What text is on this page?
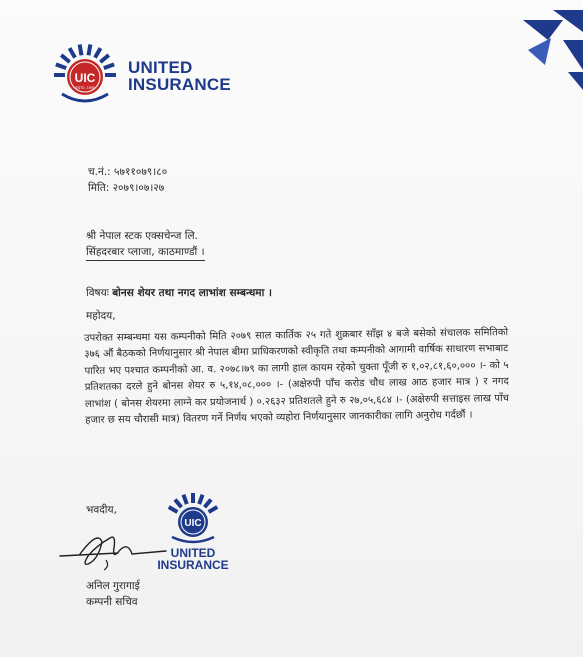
UIC
ESTD. 1993
UNITED
INSURANCE
च.नं.: ५७११०७९।८०
मिति: २०७९।०७।२७
श्री नेपाल स्टक एक्सचेन्ज लि.
सिंहदरबार प्लाजा, काठमाण्डौं ।
विषयः बोनस शेयर तथा नगद लाभांश सम्बन्धमा ।
महोदय,
उपरोक्त सम्बन्धमा यस कम्पनीको मिति २०७९ साल कार्तिक २५ गते शुक्रबार साँझ ४ बजे बसेको संचालक समितिको ३७६ औं बैठकको निर्णयानुसार श्री नेपाल बीमा प्राधिकरणको स्वीकृति तथा कम्पनीको आगामी वार्षिक साधारण सभाबाट पारित भए पश्चात कम्पनीको आ. व. २०७८।७९ का लागी हाल कायम रहेको चुक्ता पूँजी रु १,०२,८१,६०,००० ।- को ५ प्रतिशतका दरले हुने बोनस शेयर रु ५,१४,०८,००० ।- (अक्षेरुपी पाँच करोड चौध लाख आठ हजार मात्र ) र नगद लाभांश ( बोनस शेयरमा लाग्ने कर प्रयोजनार्थ ) ०.२६३२ प्रतिशतले हुने रु २७,०५,६८४ ।- (अक्षेरुपी सत्ताइस लाख पाँच हजार छ सय चौरासी मात्र) वितरण गर्ने निर्णय भएको व्यहोरा निर्णयानुसार जानकारीका लागि अनुरोध गर्दछौं ।
भवदीय,
UIC
UNITED
INSURANCE
अनिल गुरागाई
कम्पनी सचिव
